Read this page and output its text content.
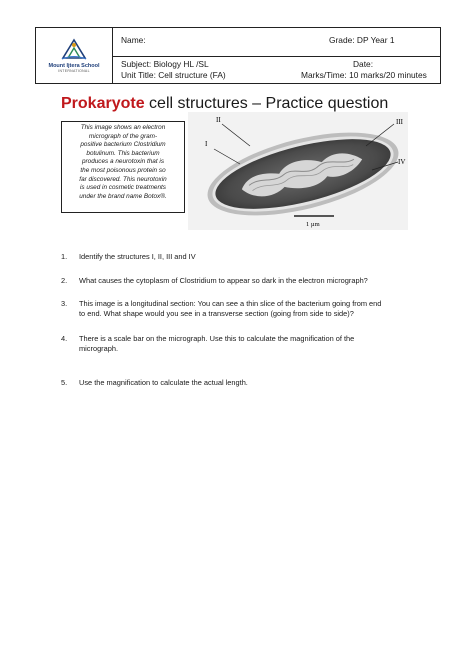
Mount Ijtera School
INTERNATIONAL
Name:	Grade: DP Year 1
Subject: Biology HL /SL	Date:
Unit Title: Cell structure (FA)	Marks/Time: 10 marks/20 minutes
Prokaryote cell structures – Practice question
This image shows an electron
micrograph of the gram-
positive bacterium Clostridium
botulinum. This bacterium
produces a neurotoxin that is
the most poisonous protein so
far discovered. This neurotoxin
is used in cosmetic treatments
under the brand name Botox®.
I
II	III
IV
1 µm
1. Identify the structures I, II, III and IV
2. What causes the cytoplasm of Clostridium to appear so dark in the electron micrograph?
3. This image is a longitudinal section: You can see a thin slice of the bacterium going from end
to end. What shape would you see in a transverse section (going from side to side)?
4. There is a scale bar on the micrograph. Use this to calculate the magnification of the
micrograph.
5. Use the magnification to calculate the actual length.
